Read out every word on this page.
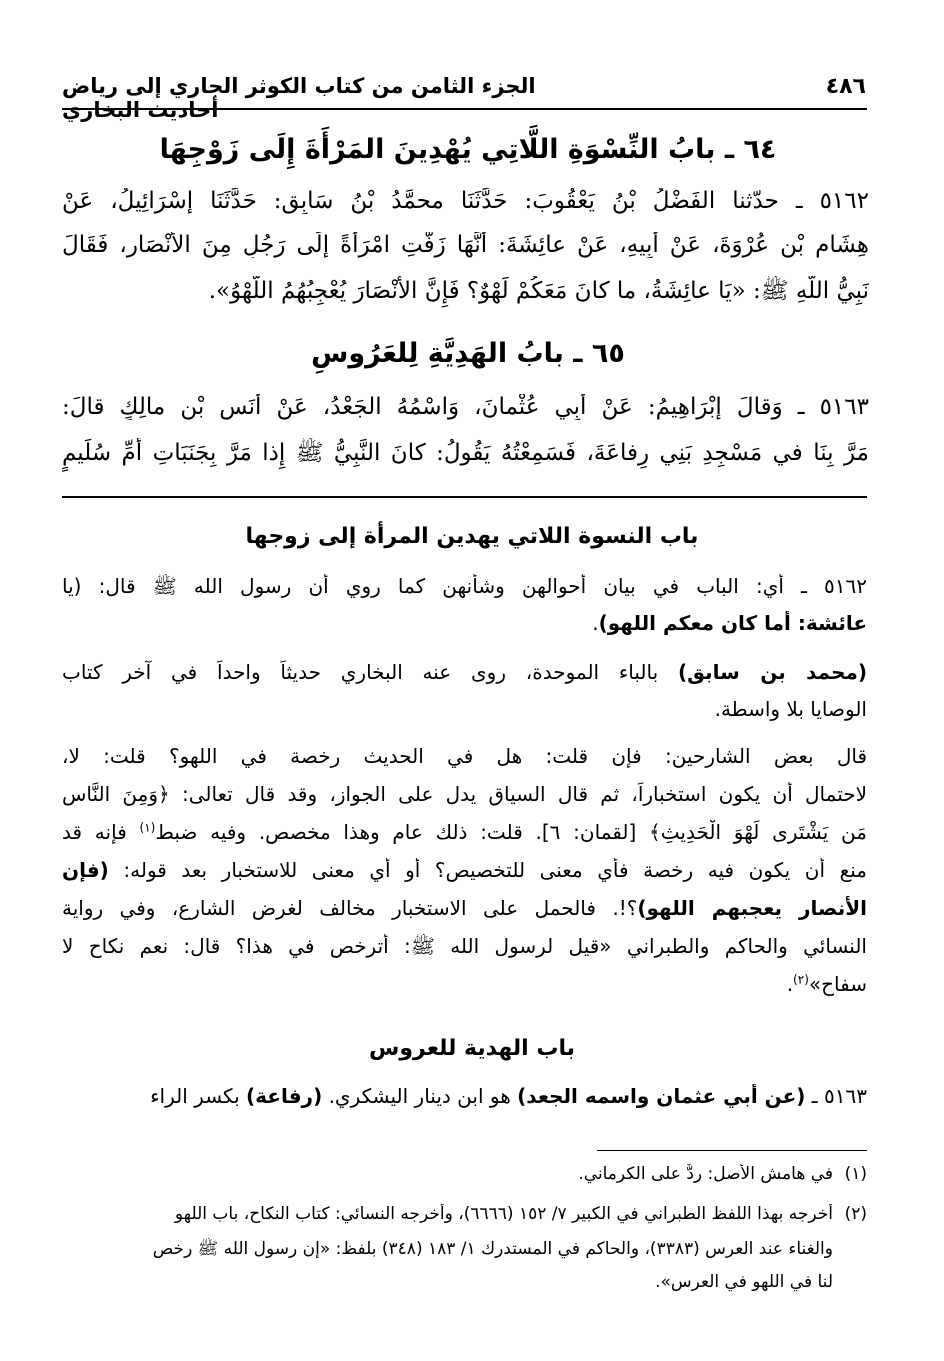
٤٨٦
الجزء الثامن من كتاب الكوثر الجاري إلى رياض أحاديث البخاري
٦٤ ـ بابُ النِّسْوَةِ اللَّاتِي يُهْدِينَ المَرْأَةَ إِلَى زَوْجِهَا
٥١٦٢ ـ حدّثنا الفَضْلُ بْنُ يَعْقُوبَ: حَدَّثَنَا محمَّدُ بْنُ سَابِقٍ: حَدَّثَنَا إِسْرَائِيلُ، عَنْ
هِشَامِ بْنِ عُرْوَةَ، عَنْ أَبِيهِ، عَنْ عائِشَةَ: أَنَّهَا زَفَّتِ امْرَأَةً إِلَى رَجُلٍ مِنَ الأَنْصَارِ، فَقَالَ
نَبِيُّ اللَّهِ ﷺ: «يَا عائِشَةُ، ما كانَ مَعَكُمْ لَهْوٌ؟ فَإِنَّ الأَنْصَارَ يُعْجِبُهُمُ اللَّهْوُ».
٦٥ ـ بابُ الهَدِيَّةِ لِلعَرُوسِ
٥١٦٣ ـ وَقالَ إِبْرَاهِيمُ: عَنْ أَبِي عُثْمانَ، وَاسْمُهُ الجَعْدُ، عَنْ أَنَسِ بْنِ مالِكٍ قالَ:
مَرَّ بِنَا في مَسْجِدِ بَنِي رِفاعَةَ، فَسَمِعْتُهُ يَقُولُ: كانَ النَّبِيُّ ﷺ إِذا مَرَّ بِجَنَبَاتِ أُمِّ سُلَيمٍ
باب النسوة اللاتي يهدين المرأة إلى زوجها
٥١٦٢ ـ أي: الباب في بيان أحوالهن وشأنهن كما روي أن رسول الله ﷺ قال: (يا
عائشة: أما كان معكم اللهو).
(محمد بن سابق) بالباء الموحدة، روى عنه البخاري حديثاً واحداً في آخر كتاب
الوصايا بلا واسطة.
قال بعض الشارحين: فإن قلت: هل في الحديث رخصة في اللهو؟ قلت: لا،
لاحتمال أن يكون استخباراً، ثم قال السياق يدل على الجواز، وقد قال تعالى: ﴿وَمِنَ النَّاسِ
مَن يَشْتَرِى لَهْوَ الْحَدِيثِ﴾ [لقمان: ٦]. قلت: ذلك عام وهذا مخصص. وفيه ضبط$^{(١)}$ فإنه قد
منع أن يكون فيه رخصة فأي معنى للتخصيص؟ أو أي معنى للاستخبار بعد قوله: (فإن
الأنصار يعجبهم اللهو)؟!. فالحمل على الاستخبار مخالف لغرض الشارع، وفي رواية
النسائي والحاكم والطبراني «قيل لرسول الله ﷺ: أترخص في هذا؟ قال: نعم نكاح لا
سفاح»$^{(٢)}$.
باب الهدية للعروس
٥١٦٣ ـ (عن أبي عثمان واسمه الجعد) هو ابن دينار اليشكري. (رِفاعة) بكسر الراء
(١)في هامش الأصل: ردٌّ على الكرماني.
(٢)أخرجه بهذا اللفظ الطبراني في الكبير ٧/ ١٥٢ (٦٦٦٦)، وأخرجه النسائي: كتاب النكاح، باب اللهو
والغناء عند العرس (٣٣٨٣)، والحاكم في المستدرك ١/ ١٨٣ (٣٤٨) بلفظ: «إن رسول الله ﷺ رخص
لنا في اللهو في العرس».
